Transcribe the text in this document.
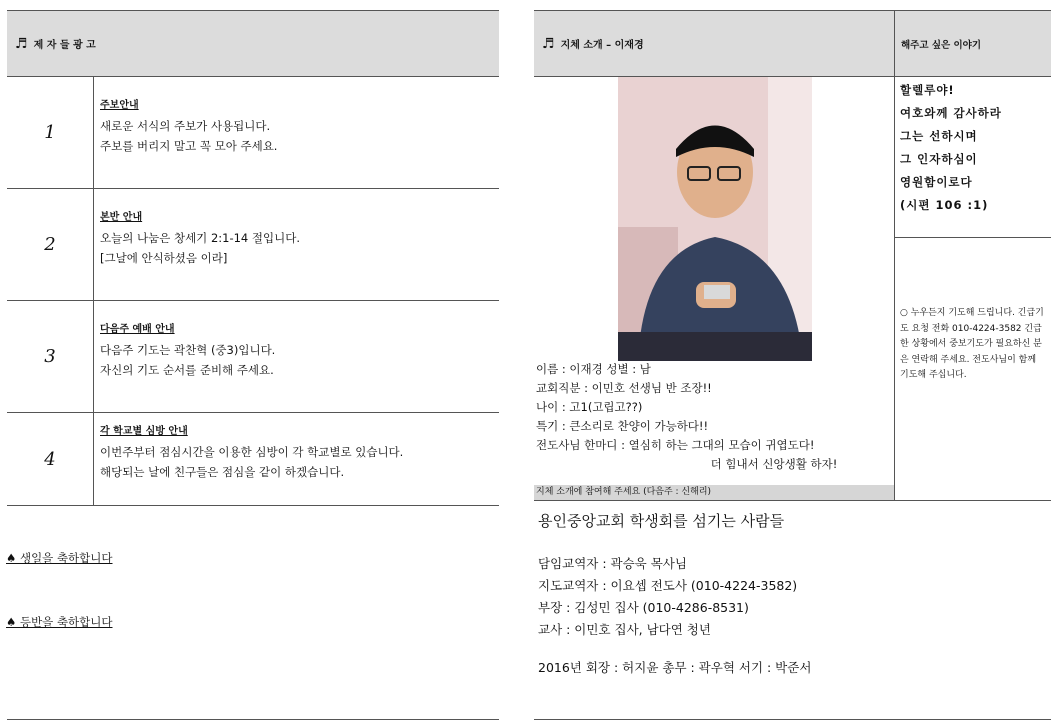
♬ 제 자 들 광 고
1
주보안내
새로운 서식의 주보가 사용됩니다.
주보를 버리지 말고 꼭 모아 주세요.
2
본반 안내
오늘의 나눔은 창세기 2:1-14 절입니다.
[그날에 안식하셨음 이라]
3
다음주 예배 안내
다음주 기도는 곽찬혁 (중3)입니다.
자신의 기도 순서를 준비해 주세요.
4
각 학교별 심방 안내
이번주부터 점심시간을 이용한 심방이 각 학교별로 있습니다.
해당되는 날에 친구들은 점심을 같이 하겠습니다.
♠ 생일을 축하합니다
♠ 등반을 축하합니다
♬ 지체 소개 – 이재경	해주고 싶은 이야기
이름 : 이재경 성별 : 남
교회직분 : 이민호 선생님 반 조장!!
나이 : 고1(고립고??)
특기 : 큰소리로 찬양이 가능하다!!
전도사님 한마디 : 열심히 하는 그대의 모습이 귀엽도다!
더 힘내서 신앙생활 하자!
지체 소개에 참여해 주세요 (다음주 : 신해리)
할렐루야!
여호와께 감사하라
그는 선하시며
그 인자하심이
영원함이로다
(시편 106 :1)
○ 누우든지 기도해 드립니다. 긴급기도 요청 전화 010-4224-3582 긴급한 상황에서 중보기도가 필요하신 분은 연락해 주세요. 전도사님이 함께 기도해 주십니다.
용인중앙교회 학생회를 섬기는 사람들
담임교역자 : 곽승욱 목사님
지도교역자 : 이요셉 전도사 (010-4224-3582)
부장 : 김성민 집사 (010-4286-8531)
교사 : 이민호 집사, 남다연 청년
2016년 회장 : 허지윤 총무 : 곽우혁 서기 : 박준서
